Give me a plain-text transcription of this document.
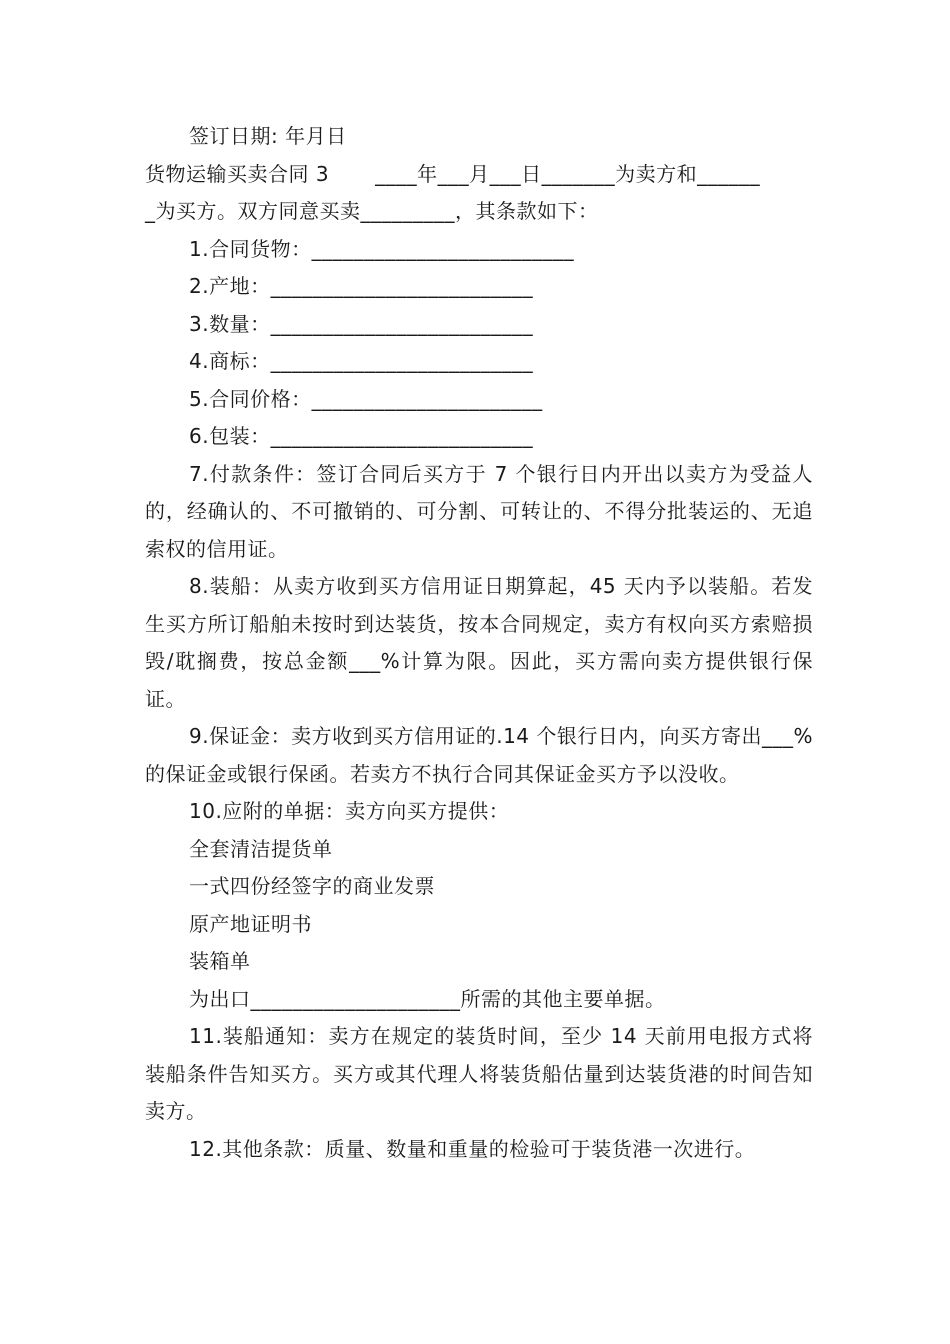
签订日期: 年月日

货物运输买卖合同 3 ____年___月___日_______为卖方和______

_为买方。双方同意买卖_________，其条款如下：

1.合同货物：_________________________

2.产地：_________________________

3.数量：_________________________

4.商标：_________________________

5.合同价格：______________________

6.包装：_________________________

7.付款条件：签订合同后买方于 7 个银行日内开出以卖方为受益人的，经确认的、不可撤销的、可分割、可转让的、不得分批装运的、无追索权的信用证。

8.装船：从卖方收到买方信用证日期算起，45 天内予以装船。若发生买方所订船舶未按时到达装货，按本合同规定，卖方有权向买方索赔损毁/耽搁费，按总金额___%计算为限。因此，买方需向卖方提供银行保证。

9.保证金：卖方收到买方信用证的.14 个银行日内，向买方寄出___%的保证金或银行保函。若卖方不执行合同其保证金买方予以没收。

10.应附的单据：卖方向买方提供：

全套清洁提货单

一式四份经签字的商业发票

原产地证明书

装箱单

为出口____________________所需的其他主要单据。

11.装船通知：卖方在规定的装货时间，至少 14 天前用电报方式将装船条件告知买方。买方或其代理人将装货船估量到达装货港的时间告知卖方。

12.其他条款：质量、数量和重量的检验可于装货港一次进行。
